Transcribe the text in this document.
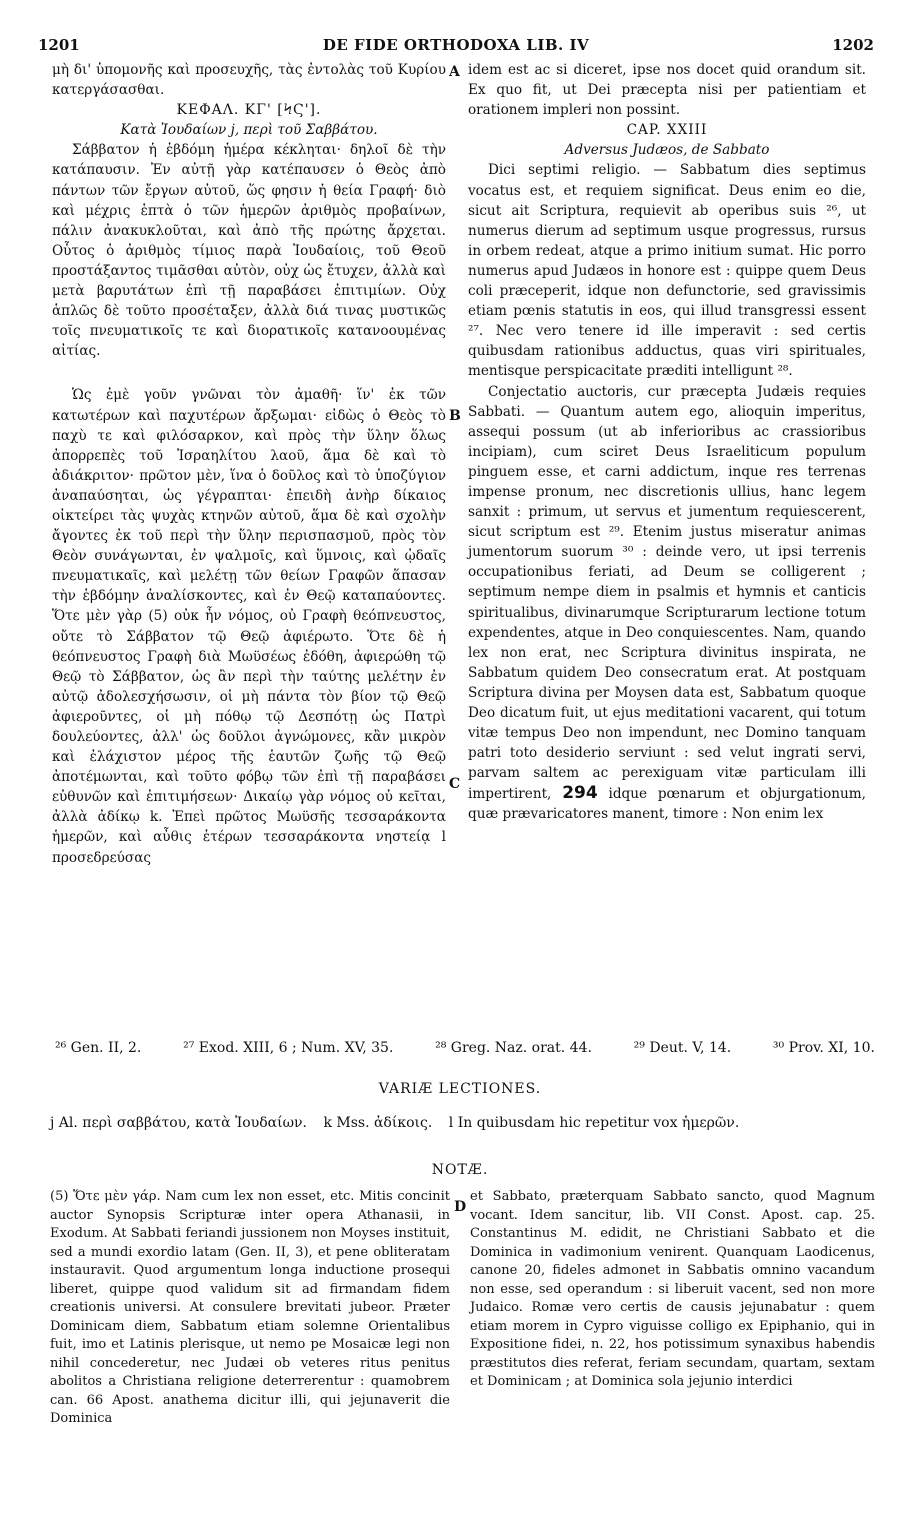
1201	DE FIDE ORTHODOXA LIB. IV	1202

μὴ δι' ὑπομονῆς καὶ προσευχῆς, τὰς ἐντολὰς τοῦ Κυρίου κατεργάσασθαι.

ΚΕΦΑΛ. ΚΓ' [ϞϚ'].

Κατὰ Ἰουδαίων j, περὶ τοῦ Σαββάτου.

Σάββατον ἡ ἑβδόμη ἡμέρα κέκληται· δηλοῖ δὲ τὴν κατάπαυσιν. Ἐν αὐτῇ γὰρ κατέπαυσεν ὁ Θεὸς ἀπὸ πάντων τῶν ἔργων αὐτοῦ, ὥς φησιν ἡ θεία Γραφή· διὸ καὶ μέχρις ἑπτὰ ὁ τῶν ἡμερῶν ἀριθμὸς προβαίνων, πάλιν ἀνακυκλοῦται, καὶ ἀπὸ τῆς πρώτης ἄρχεται. Οὗτος ὁ ἀριθμὸς τίμιος παρὰ Ἰουδαίοις, τοῦ Θεοῦ προστάξαντος τιμᾶσθαι αὐτὸν, οὐχ ὡς ἔτυχεν, ἀλλὰ καὶ μετὰ βαρυτάτων ἐπὶ τῇ παραβάσει ἐπιτιμίων. Οὐχ ἁπλῶς δὲ τοῦτο προσέταξεν, ἀλλὰ διά τινας μυστικῶς τοῖς πνευματικοῖς τε καὶ διορατικοῖς κατανοουμένας αἰτίας.

Ὡς ἐμὲ γοῦν γνῶναι τὸν ἀμαθῆ· ἵν' ἐκ τῶν κατωτέρων καὶ παχυτέρων ἄρξωμαι· εἰδὼς ὁ Θεὸς τὸ παχὺ τε καὶ φιλόσαρκον, καὶ πρὸς τὴν ὕλην ὅλως ἀπορρεπὲς τοῦ Ἰσραηλίτου λαοῦ, ἅμα δὲ καὶ τὸ ἀδιάκριτον· πρῶτον μὲν, ἵνα ὁ δοῦλος καὶ τὸ ὑποζύγιον ἀναπαύσηται, ὡς γέγραπται· ἐπειδὴ ἀνὴρ δίκαιος οἰκτείρει τὰς ψυχὰς κτηνῶν αὐτοῦ, ἅμα δὲ καὶ σχολὴν ἄγοντες ἐκ τοῦ περὶ τὴν ὕλην περισπασμοῦ, πρὸς τὸν Θεὸν συνάγωνται, ἐν ψαλμοῖς, καὶ ὕμνοις, καὶ ᾠδαῖς πνευματικαῖς, καὶ μελέτῃ τῶν θείων Γραφῶν ἅπασαν τὴν ἑβδόμην ἀναλίσκοντες, καὶ ἐν Θεῷ καταπαύοντες. Ὅτε μὲν γὰρ (5) οὐκ ἦν νόμος, οὐ Γραφὴ θεόπνευστος, οὔτε τὸ Σάββατον τῷ Θεῷ ἀφιέρωτο. Ὅτε δὲ ἡ θεόπνευστος Γραφὴ διὰ Μωϋσέως ἐδόθη, ἀφιερώθη τῷ Θεῷ τὸ Σάββατον, ὡς ἂν περὶ τὴν ταύτης μελέτην ἐν αὐτῷ ἀδολεσχήσωσιν, οἱ μὴ πάντα τὸν βίον τῷ Θεῷ ἀφιεροῦντες, οἱ μὴ πόθῳ τῷ Δεσπότῃ ὡς Πατρὶ δουλεύοντες, ἀλλ' ὡς δοῦλοι ἀγνώμονες, κἂν μικρὸν καὶ ἐλάχιστον μέρος τῆς ἑαυτῶν ζωῆς τῷ Θεῷ ἀποτέμωνται, καὶ τοῦτο φόβῳ τῶν ἐπὶ τῇ παραβάσει εὐθυνῶν καὶ ἐπιτιμήσεων· Δικαίῳ γὰρ νόμος οὐ κεῖται, ἀλλὰ ἀδίκῳ k. Ἐπεὶ πρῶτος Μωϋσῆς τεσσαράκοντα ἡμερῶν, καὶ αὖθις ἑτέρων τεσσαράκοντα νηστείᾳ l προσεδρεύσας

A
B
C
D

idem est ac si diceret, ipse nos docet quid orandum sit. Ex quo fit, ut Dei præcepta nisi per patientiam et orationem impleri non possint.

CAP. XXIII

Adversus Judæos, de Sabbato

Dici septimi religio. — Sabbatum dies septimus vocatus est, et requiem significat. Deus enim eo die, sicut ait Scriptura, requievit ab operibus suis ²⁶, ut numerus dierum ad septimum usque progressus, rursus in orbem redeat, atque a primo initium sumat. Hic porro numerus apud Judæos in honore est : quippe quem Deus coli præceperit, idque non defunctorie, sed gravissimis etiam pœnis statutis in eos, qui illud transgressi essent ²⁷. Nec vero tenere id ille imperavit : sed certis quibusdam rationibus adductus, quas viri spirituales, mentisque perspicacitate præditi intelligunt ²⁸.

Conjectatio auctoris, cur præcepta Judæis requies Sabbati. — Quantum autem ego, alioquin imperitus, assequi possum (ut ab inferioribus ac crassioribus incipiam), cum sciret Deus Israeliticum populum pinguem esse, et carni addictum, inque res terrenas impense pronum, nec discretionis ullius, hanc legem sanxit : primum, ut servus et jumentum requiescerent, sicut scriptum est ²⁹. Etenim justus miseratur animas jumentorum suorum ³⁰ : deinde vero, ut ipsi terrenis occupationibus feriati, ad Deum se colligerent ; septimum nempe diem in psalmis et hymnis et canticis spiritualibus, divinarumque Scripturarum lectione totum expendentes, atque in Deo conquiescentes. Nam, quando lex non erat, nec Scriptura divinitus inspirata, ne Sabbatum quidem Deo consecratum erat. At postquam Scriptura divina per Moysen data est, Sabbatum quoque Deo dicatum fuit, ut ejus meditationi vacarent, qui totum vitæ tempus Deo non impendunt, nec Domino tanquam patri toto desiderio serviunt : sed velut ingrati servi, parvam saltem ac perexiguam vitæ particulam illi impertirent, 294 idque pœnarum et objurgationum, quæ prævaricatores manent, timore : Non enim lex

²⁶ Gen. II, 2.	²⁷ Exod. XIII, 6 ; Num. XV, 35.	²⁸ Greg. Naz. orat. 44.	²⁹ Deut. V, 14.	³⁰ Prov. XI, 10.
VARIÆ LECTIONES.
j Al. περὶ σαββάτου, κατὰ Ἰουδαίων. k Mss. ἀδίκοις. l In quibusdam hic repetitur vox ἡμερῶν.
NOTÆ.

(5) Ὅτε μὲν γάρ. Nam cum lex non esset, etc. Mitis concinit auctor Synopsis Scripturæ inter opera Athanasii, in Exodum. At Sabbati feriandi jussionem non Moyses instituit, sed a mundi exordio latam (Gen. II, 3), et pene obliteratam instauravit. Quod argumentum longa inductione prosequi liberet, quippe quod validum sit ad firmandam fidem creationis universi. At consulere brevitati jubeor. Præter Dominicam diem, Sabbatum etiam solemne Orientalibus fuit, imo et Latinis plerisque, ut nemo pe Mosaicæ legi non nihil concederetur, nec Judæi ob veteres ritus penitus abolitos a Christiana religione deterrerentur : quamobrem can. 66 Apost. anathema dicitur illi, qui jejunaverit die Dominica

et Sabbato, præterquam Sabbato sancto, quod Magnum vocant. Idem sancitur, lib. VII Const. Apost. cap. 25. Constantinus M. edidit, ne Christiani Sabbato et die Dominica in vadimonium venirent. Quanquam Laodicenus, canone 20, fideles admonet in Sabbatis omnino vacandum non esse, sed operandum : si liberuit vacent, sed non more Judaico. Romæ vero certis de causis jejunabatur : quem etiam morem in Cypro viguisse colligo ex Epiphanio, qui in Expositione fidei, n. 22, hos potissimum synaxibus habendis præstitutos dies referat, feriam secundam, quartam, sextam et Dominicam ; at Dominica sola jejunio interdici
